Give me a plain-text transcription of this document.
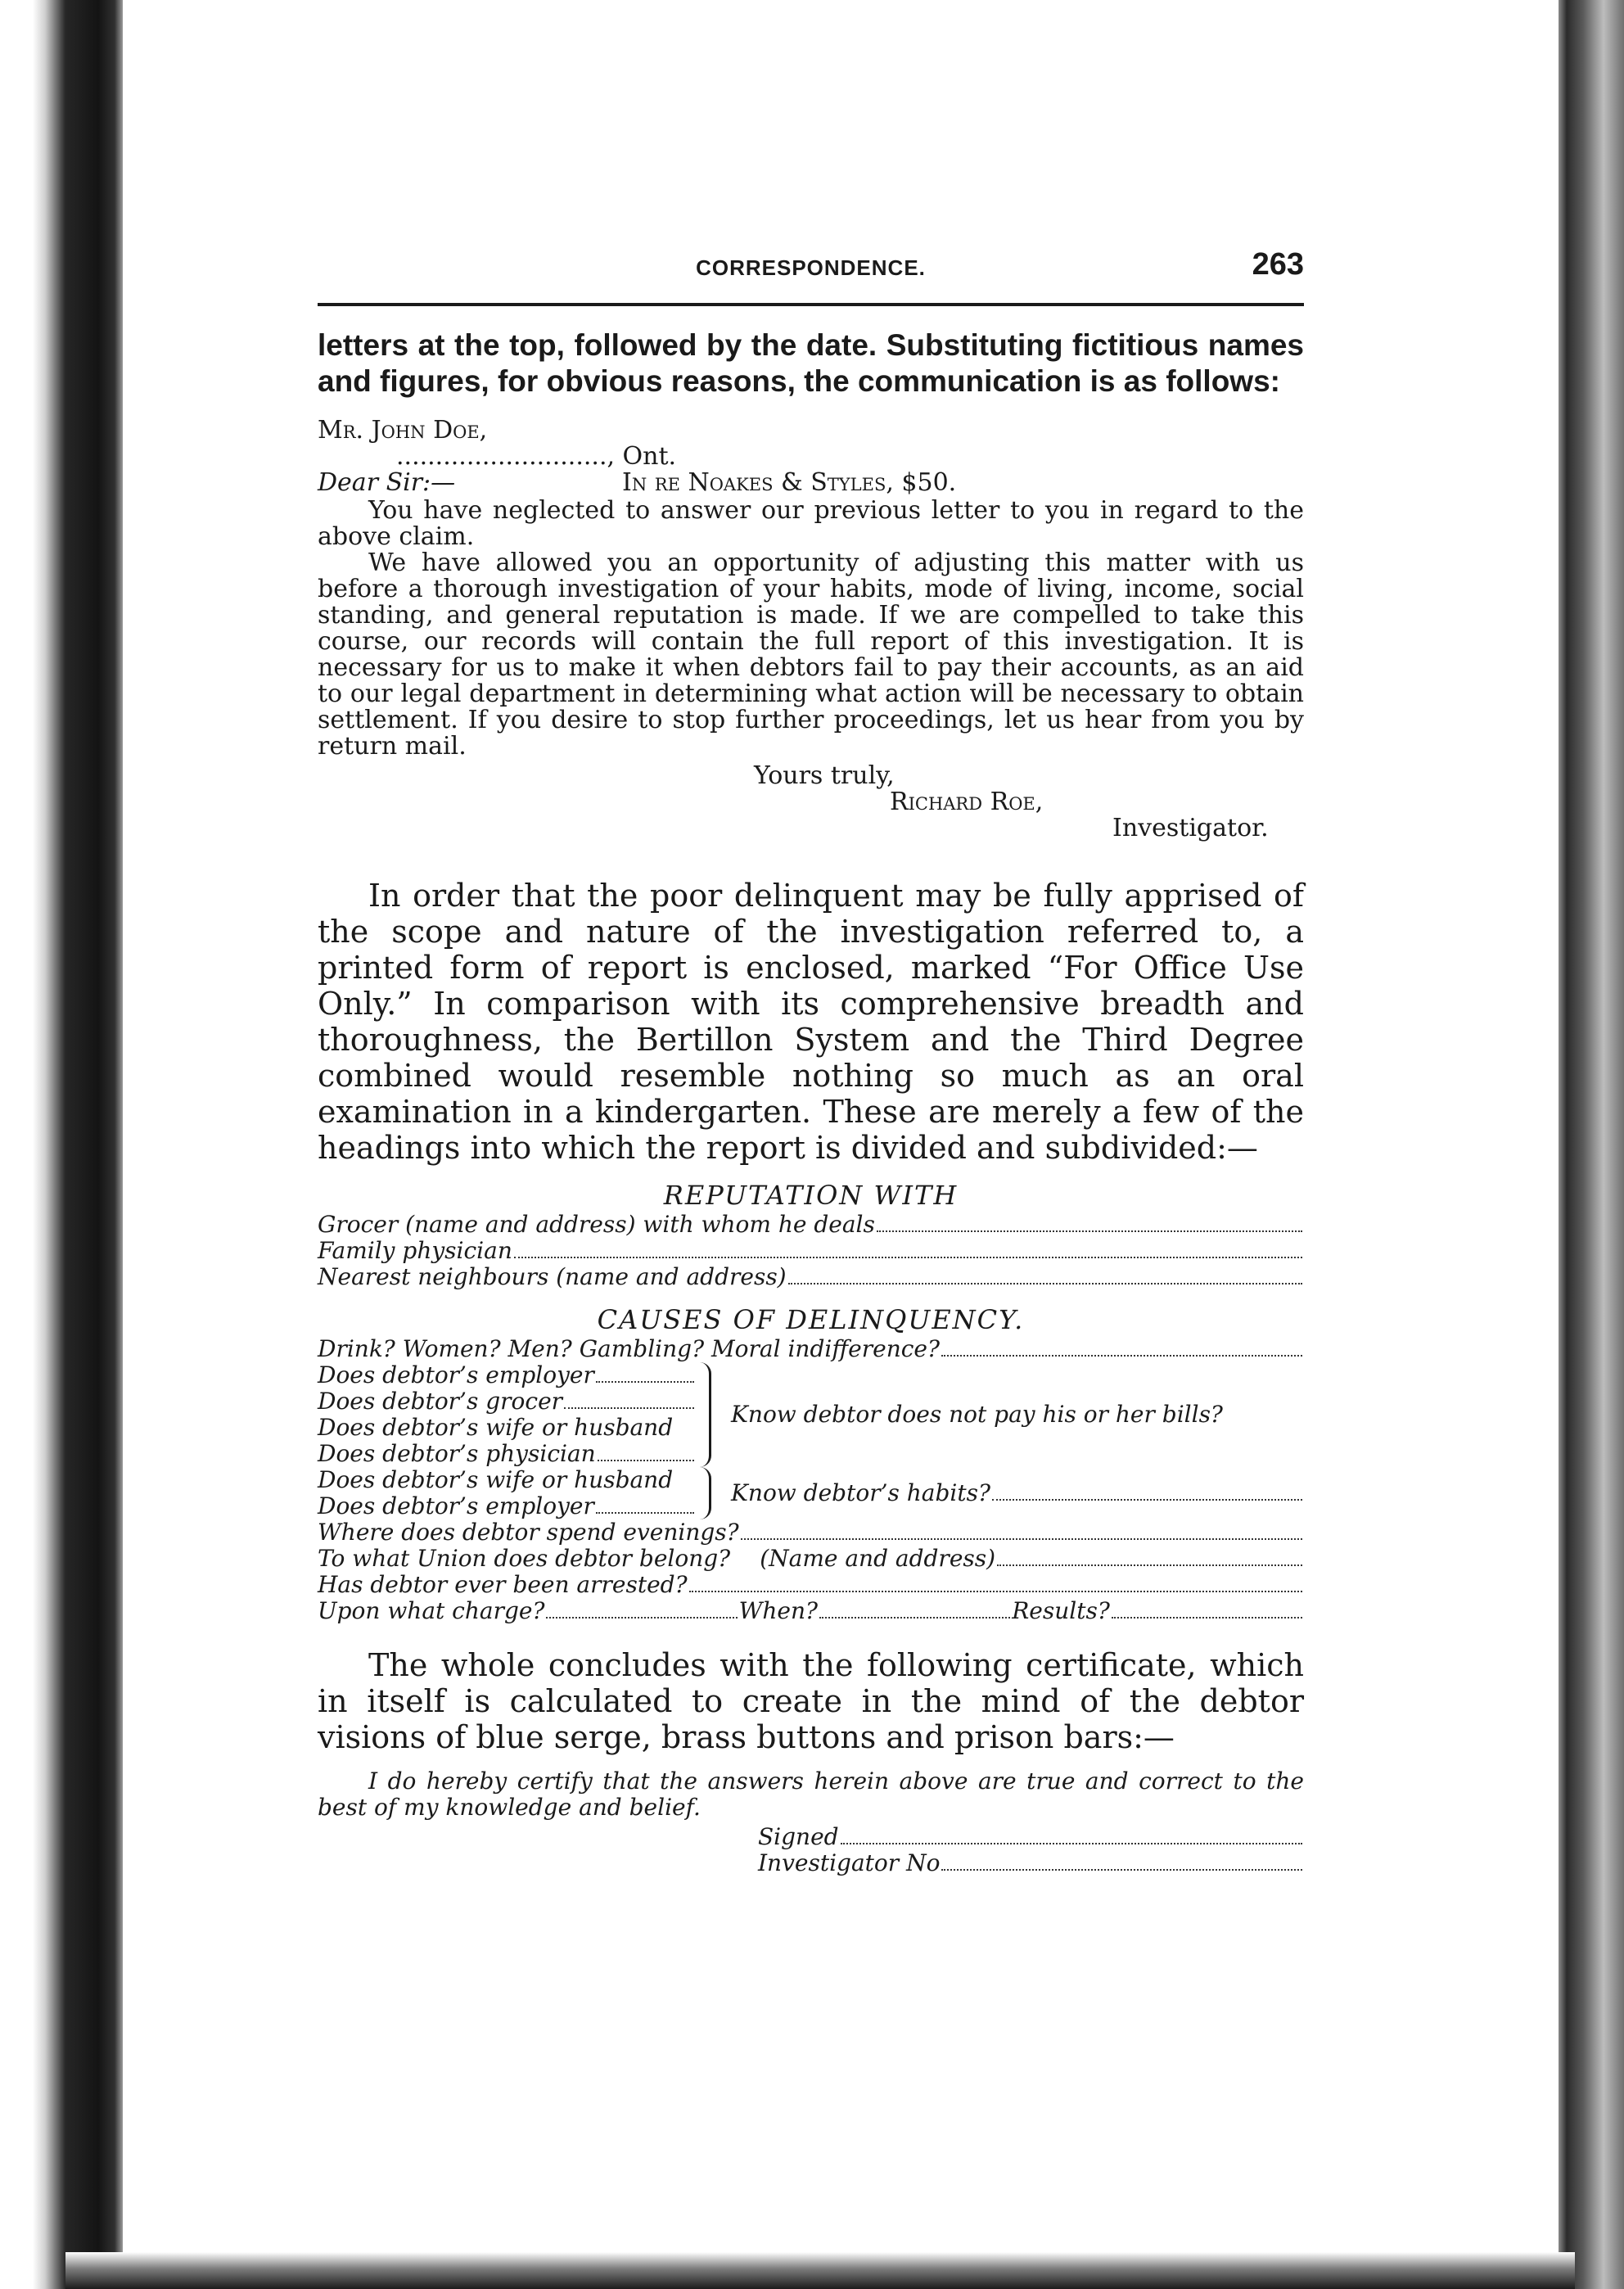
CORRESPONDENCE.	263

letters at the top, followed by the date. Substituting fictitious names and figures, for obvious reasons, the communication is as follows:

Mr. John Doe,
..........................., Ont.
Dear Sir:—	In re Noakes & Styles, $50.

You have neglected to answer our previous letter to you in regard to the above claim.

We have allowed you an opportunity of adjusting this matter with us before a thorough investigation of your habits, mode of living, income, social standing, and general reputation is made. If we are compelled to take this course, our records will contain the full report of this investigation. It is necessary for us to make it when debtors fail to pay their accounts, as an aid to our legal department in determining what action will be necessary to obtain settlement. If you desire to stop further proceedings, let us hear from you by return mail.

Yours truly,
Richard Roe,
Investigator.

In order that the poor delinquent may be fully apprised of the scope and nature of the investigation referred to, a printed form of report is enclosed, marked “For Office Use Only.” In comparison with its comprehensive breadth and thoroughness, the Bertillon System and the Third Degree combined would resemble nothing so much as an oral examination in a kindergarten. These are merely a few of the headings into which the report is divided and subdivided:—

REPUTATION WITH
Grocer (name and address) with whom he deals
Family physician
Nearest neighbours (name and address)
CAUSES OF DELINQUENCY.
Drink? Women? Men? Gambling? Moral indifference?
Does debtor’s employer
Does debtor’s grocer
Does debtor’s wife or husband
Does debtor’s physician
Know debtor does not pay his or her bills?
Does debtor’s wife or husband
Does debtor’s employer	Know debtor’s habits?
Where does debtor spend evenings?
To what Union does debtor belong? (Name and address)
Has debtor ever been arrested?
Upon what charge?	When?	Results?

The whole concludes with the following certificate, which in itself is calculated to create in the mind of the debtor visions of blue serge, brass buttons and prison bars:—

I do hereby certify that the answers herein above are true and correct to the best of my knowledge and belief.

Signed
Investigator No
